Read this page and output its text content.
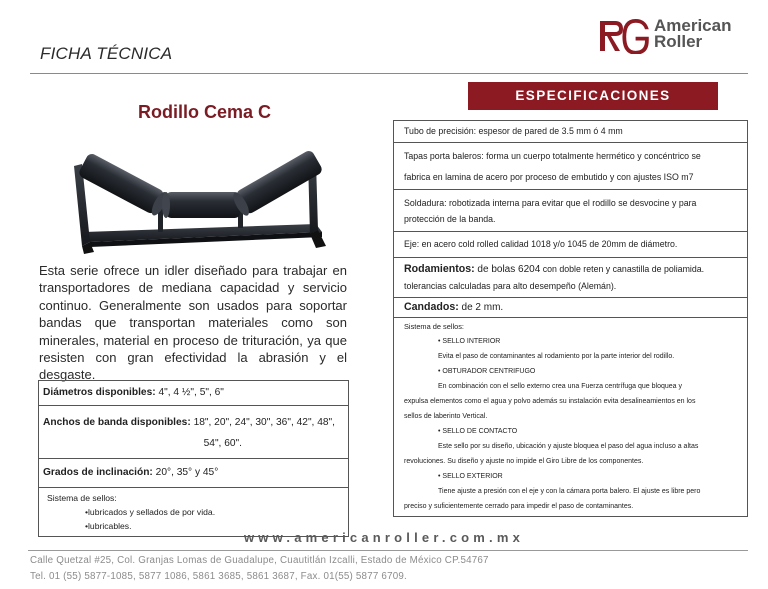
FICHA TÉCNICA
American
Roller
Rodillo Cema C
Esta serie ofrece un idler diseñado para trabajar en transportadores de mediana capacidad y servicio continuo. Generalmente son usados para soportar bandas que transportan materiales como son minerales, material en proceso de trituración, ya que resisten con gran efectividad la abrasión y el desgaste.
Diámetros disponibles: 4", 4 ½", 5", 6"
Anchos de banda disponibles: 18", 20", 24", 30", 36", 42", 48",
54", 60".
Grados de inclinación: 20°, 35° y 45°
Sistema de sellos:
•lubricados y sellados de por vida.
•lubricables.
ESPECIFICACIONES
Tubo de precisión: espesor de pared de 3.5 mm ó 4 mm
Tapas porta baleros: forma un cuerpo totalmente hermético y concéntrico se
fabrica en lamina de acero por proceso de embutido y con ajustes ISO m7
Soldadura: robotizada interna para evitar que el rodillo se desvocine y para
protección de la banda.
Eje: en acero cold rolled calidad 1018 y/o 1045 de 20mm de diámetro.
Rodamientos: de bolas 6204 con doble reten y canastilla de poliamida.
tolerancias calculadas para alto desempeño (Alemán).
Candados: de 2 mm.
Sistema de sellos:
• SELLO INTERIOR
Evita el paso de contaminantes al rodamiento por la parte interior del rodillo.
• OBTURADOR CENTRIFUGO
En combinación con el sello externo crea una Fuerza centrífuga que bloquea y
expulsa elementos como el agua y polvo además su instalación evita desalineamientos en los
sellos de laberinto Vertical.
• SELLO DE CONTACTO
Este sello por su diseño, ubicación y ajuste bloquea el paso del agua incluso a altas
revoluciones. Su diseño y ajuste no impide el Giro Libre de los componentes.
• SELLO EXTERIOR
Tiene ajuste a presión con el eje y con la cámara porta balero. El ajuste es libre pero
preciso y suficientemente cerrado para impedir el paso de contaminantes.
www.americanroller.com.mx
Calle Quetzal #25, Col. Granjas Lomas de Guadalupe, Cuautitlán Izcalli, Estado de México CP.54767
Tel. 01 (55) 5877-1085, 5877 1086, 5861 3685, 5861 3687, Fax. 01(55) 5877 6709.
